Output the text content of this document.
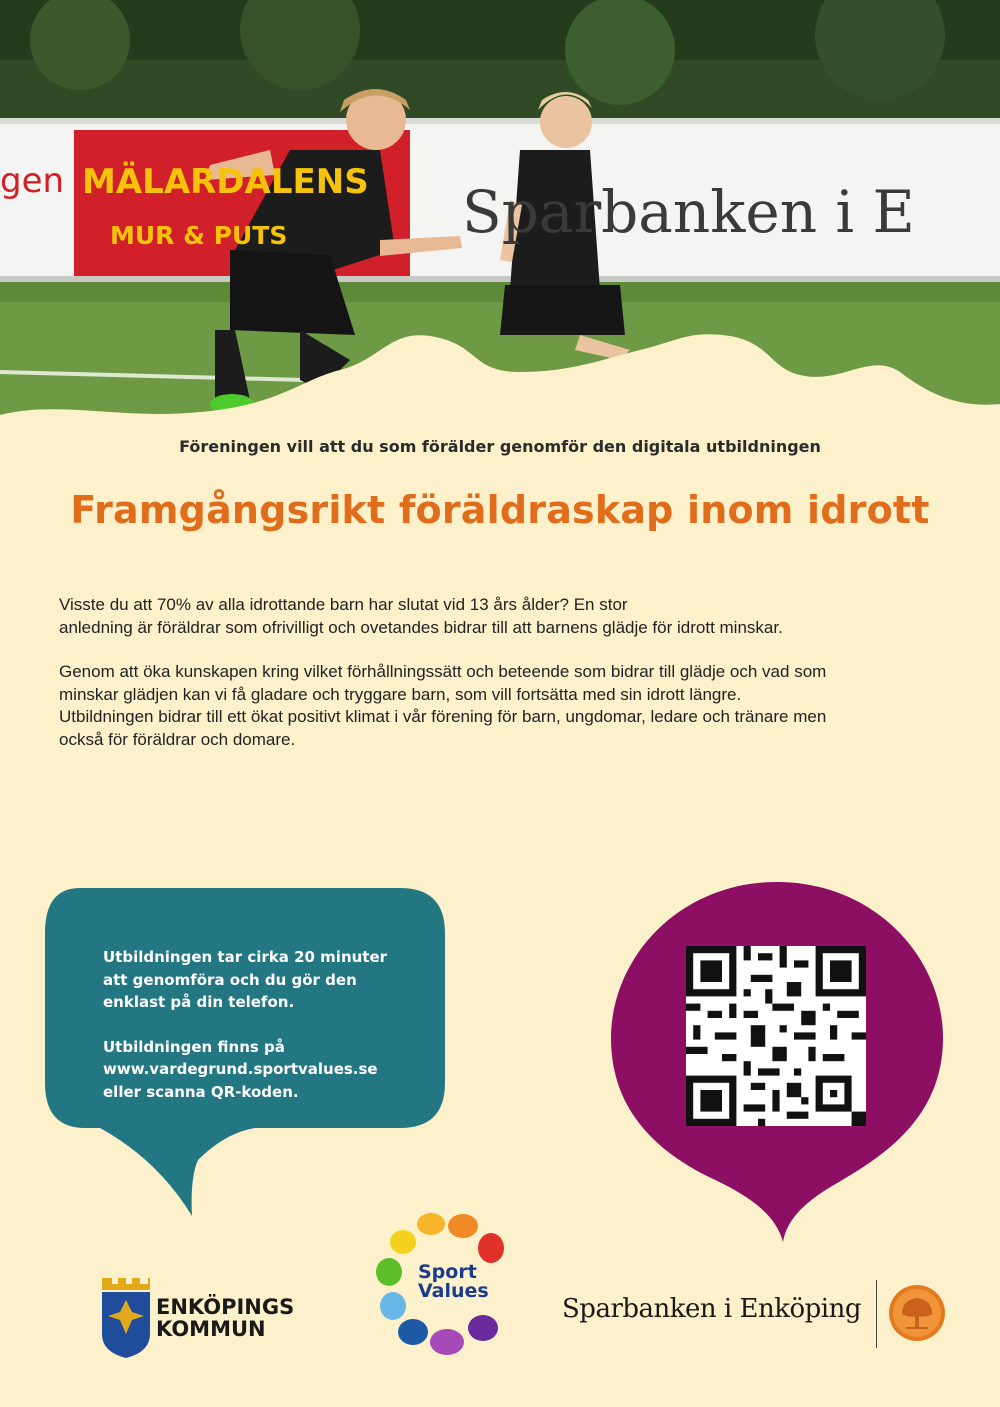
gen MÄLARDALENS
MUR & PUTS	Sparbanken i E
Föreningen vill att du som förälder genomför den digitala utbildningen
Framgångsrikt föräldraskap inom idrott

Visste du att 70% av alla idrottande barn har slutat vid 13 års ålder? En stor
anledning är föräldrar som ofrivilligt och ovetandes bidrar till att barnens glädje för idrott minskar.

Genom att öka kunskapen kring vilket förhållningssätt och beteende som bidrar till glädje och vad som
minskar glädjen kan vi få gladare och tryggare barn, som vill fortsätta med sin idrott längre.
Utbildningen bidrar till ett ökat positivt klimat i vår förening för barn, ungdomar, ledare och tränare men
också för föräldrar och domare.

Utbildningen tar cirka 20 minuter
att genomföra och du gör den
enklast på din telefon.

Utbildningen finns på
www.vardegrund.sportvalues.se
eller scanna QR-koden.

ENKÖPINGS
KOMMUN
Sport
Values
Sparbanken i Enköping
